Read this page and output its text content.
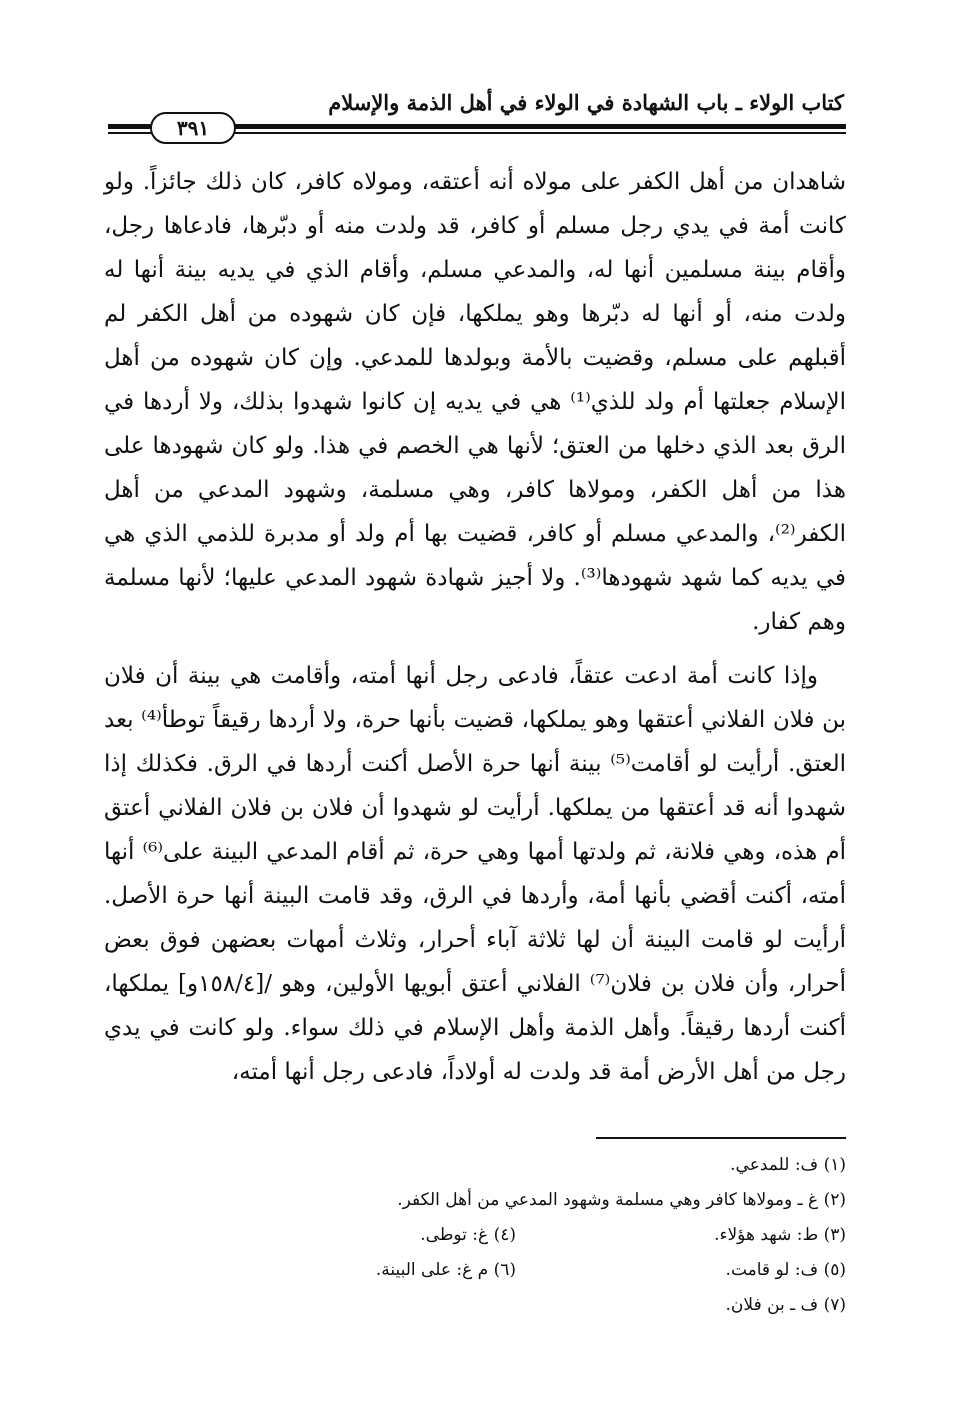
كتاب الولاء ـ باب الشهادة في الولاء في أهل الذمة والإسلام
٣٩١

شاهدان من أهل الكفر على مولاه أنه أعتقه، ومولاه كافر، كان ذلك جائزاً. ولو كانت أمة في يدي رجل مسلم أو كافر، قد ولدت منه أو دبّرها، فادعاها رجل، وأقام بينة مسلمين أنها له، والمدعي مسلم، وأقام الذي في يديه بينة أنها له ولدت منه، أو أنها له دبّرها وهو يملكها، فإن كان شهوده من أهل الكفر لم أقبلهم على مسلم، وقضيت بالأمة وبولدها للمدعي. وإن كان شهوده من أهل الإسلام جعلتها أم ولد للذي⁽¹⁾ هي في يديه إن كانوا شهدوا بذلك، ولا أردها في الرق بعد الذي دخلها من العتق؛ لأنها هي الخصم في هذا. ولو كان شهودها على هذا من أهل الكفر، ومولاها كافر، وهي مسلمة، وشهود المدعي من أهل الكفر⁽²⁾، والمدعي مسلم أو كافر، قضيت بها أم ولد أو مدبرة للذمي الذي هي في يديه كما شهد شهودها⁽³⁾. ولا أجيز شهادة شهود المدعي عليها؛ لأنها مسلمة وهم كفار.

وإذا كانت أمة ادعت عتقاً، فادعى رجل أنها أمته، وأقامت هي بينة أن فلان بن فلان الفلاني أعتقها وهو يملكها، قضيت بأنها حرة، ولا أردها رقيقاً توطأ⁽⁴⁾ بعد العتق. أرأيت لو أقامت⁽⁵⁾ بينة أنها حرة الأصل أكنت أردها في الرق. فكذلك إذا شهدوا أنه قد أعتقها من يملكها. أرأيت لو شهدوا أن فلان بن فلان الفلاني أعتق أم هذه، وهي فلانة، ثم ولدتها أمها وهي حرة، ثم أقام المدعي البينة على⁽⁶⁾ أنها أمته، أكنت أقضي بأنها أمة، وأردها في الرق، وقد قامت البينة أنها حرة الأصل. أرأيت لو قامت البينة أن لها ثلاثة آباء أحرار، وثلاث أمهات بعضهن فوق بعض أحرار، وأن فلان بن فلان⁽⁷⁾ الفلاني أعتق أبويها الأولين، وهو /[١٥٨/٤و] يملكها، أكنت أردها رقيقاً. وأهل الذمة وأهل الإسلام في ذلك سواء. ولو كانت في يدي رجل من أهل الأرض أمة قد ولدت له أولاداً، فادعى رجل أنها أمته،

(١) ف: للمدعي.
(٢) غ ـ ومولاها كافر وهي مسلمة وشهود المدعي من أهل الكفر.
(٣) ط: شهد هؤلاء.
(٤) غ: توطى.
(٥) ف: لو قامت.
(٦) م غ: على البينة.
(٧) ف ـ بن فلان.
